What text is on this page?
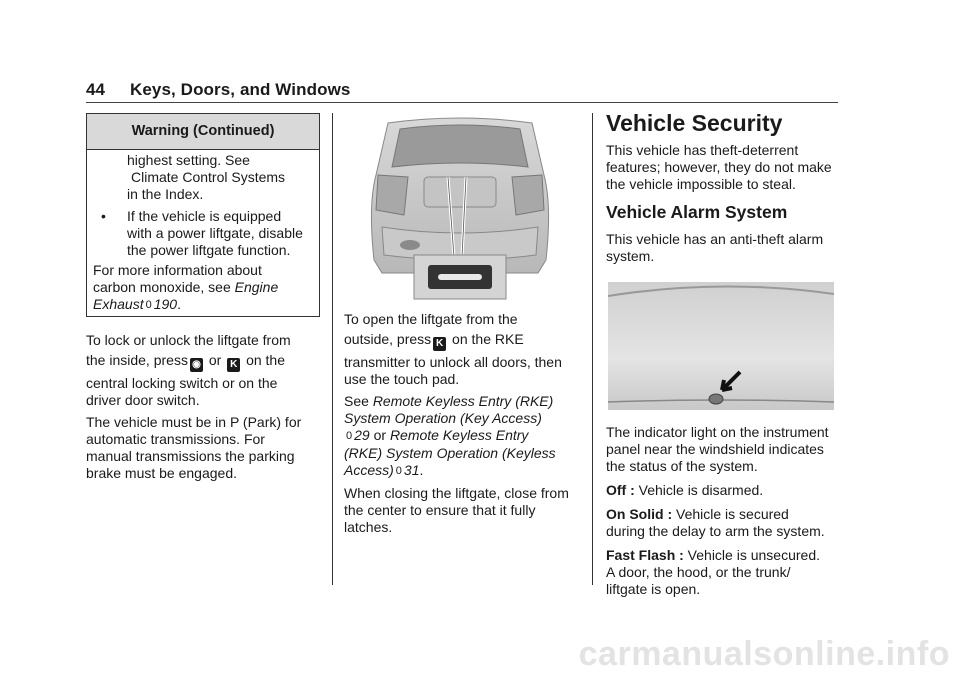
44 Keys, Doors, and Windows
Warning (Continued)
highest setting. See
Climate Control Systems
in the Index.
• If the vehicle is equipped
with a power liftgate, disable
the power liftgate function.
For more information about
carbon monoxide, see Engine
Exhaust 0 190.
To lock or unlock the liftgate from
the inside, press ◉ or K on the
central locking switch or on the
driver door switch.
The vehicle must be in P (Park) for
automatic transmissions. For
manual transmissions the parking
brake must be engaged.
To open the liftgate from the
outside, press K on the RKE
transmitter to unlock all doors, then
use the touch pad.
See Remote Keyless Entry (RKE)
System Operation (Key Access)
0 29 or Remote Keyless Entry
(RKE) System Operation (Keyless
Access) 0 31.
When closing the liftgate, close from
the center to ensure that it fully
latches.
Vehicle Security
This vehicle has theft-deterrent
features; however, they do not make
the vehicle impossible to steal.
Vehicle Alarm System
This vehicle has an anti-theft alarm
system.
The indicator light on the instrument
panel near the windshield indicates
the status of the system.
Off : Vehicle is disarmed.
On Solid : Vehicle is secured
during the delay to arm the system.
Fast Flash : Vehicle is unsecured.
A door, the hood, or the trunk/
liftgate is open.
carmanualsonline.info
